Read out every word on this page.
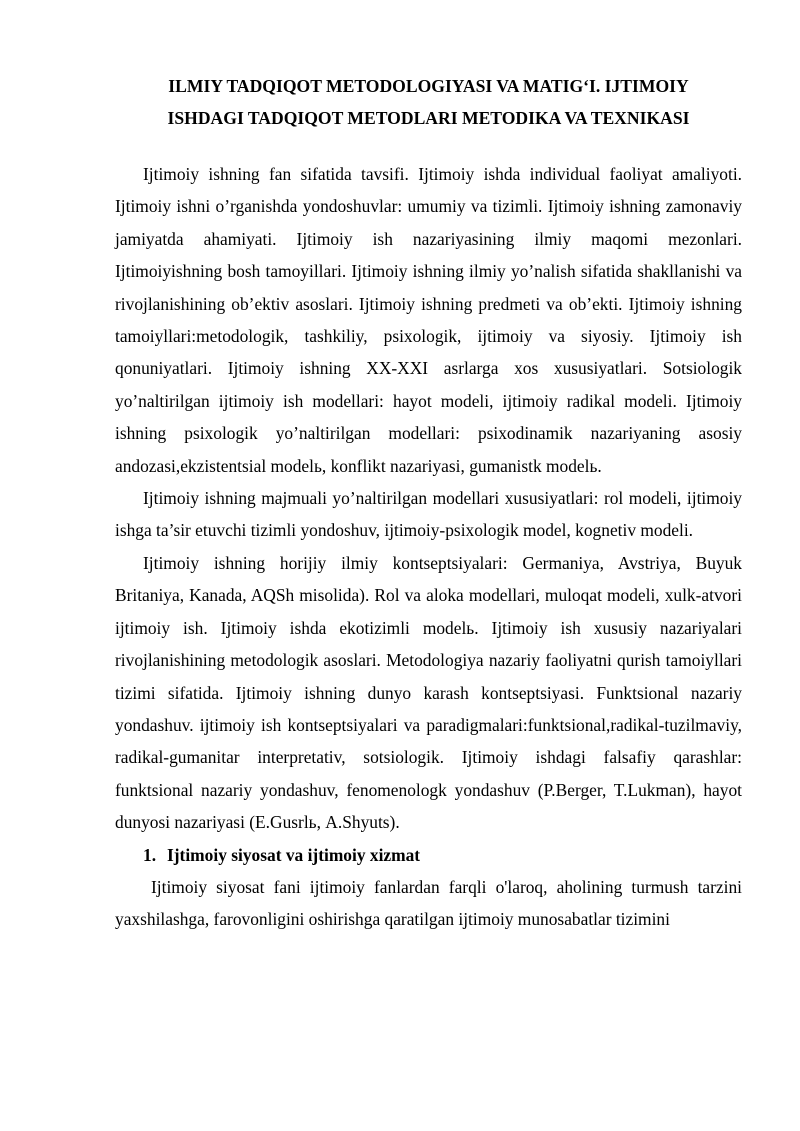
ILMIY TADQIQOT METODOLOGIYASI VA MATIG‘I. IJTIMOIY
ISHDAGI TADQIQOT METODLARI METODIKA VA TEXNIKASI

Ijtimoiy ishning fan sifatida tavsifi. Ijtimoiy ishda individual faoliyat amaliyoti. Ijtimoiy ishni o’rganishda yondoshuvlar: umumiy va tizimli. Ijtimoiy ishning zamonaviy jamiyatda ahamiyati. Ijtimoiy ish nazariyasining ilmiy maqomi mezonlari. Ijtimoiyishning bosh tamoyillari. Ijtimoiy ishning ilmiy yo’nalish sifatida shakllanishi va rivojlanishining ob’ektiv asoslari. Ijtimoiy ishning predmeti va ob’ekti. Ijtimoiy ishning tamoiyllari:metodologik, tashkiliy, psixologik, ijtimoiy va siyosiy. Ijtimoiy ish qonuniyatlari. Ijtimoiy ishning XX-XXI asrlarga xos xususiyatlari. Sotsiologik yo’naltirilgan ijtimoiy ish modellari: hayot modeli, ijtimoiy radikal modeli. Ijtimoiy ishning psixologik yo’naltirilgan modellari: psixodinamik nazariyaning asosiy andozasi,ekzistentsial modelь, konflikt nazariyasi, gumanistk modelь.

Ijtimoiy ishning majmuali yo’naltirilgan modellari xususiyatlari: rol modeli, ijtimoiy ishga ta’sir etuvchi tizimli yondoshuv, ijtimoiy-psixologik model, kognetiv modeli.

Ijtimoiy ishning horijiy ilmiy kontseptsiyalari: Germaniya, Avstriya, Buyuk Britaniya, Kanada, AQSh misolida). Rol va aloka modellari, muloqat modeli, xulk-atvori ijtimoiy ish. Ijtimoiy ishda ekotizimli modelь. Ijtimoiy ish xususiy nazariyalari rivojlanishining metodologik asoslari. Metodologiya nazariy faoliyatni qurish tamoiyllari tizimi sifatida. Ijtimoiy ishning dunyo karash kontseptsiyasi. Funktsional nazariy yondashuv. ijtimoiy ish kontseptsiyalari va paradigmalari:funktsional,radikal-tuzilmaviy, radikal-gumanitar interpretativ, sotsiologik. Ijtimoiy ishdagi falsafiy qarashlar: funktsional nazariy yondashuv, fenomenologk yondashuv (P.Berger, T.Lukman), hayot dunyosi nazariyasi (E.Gusrlь, A.Shyuts).

1. Ijtimoiy siyosat va ijtimoiy xizmat

Ijtimoiy siyosat fani ijtimoiy fanlardan farqli o'laroq, aholining turmush tarzini yaxshilashga, farovonligini oshirishga qaratilgan ijtimoiy munosabatlar tizimini
